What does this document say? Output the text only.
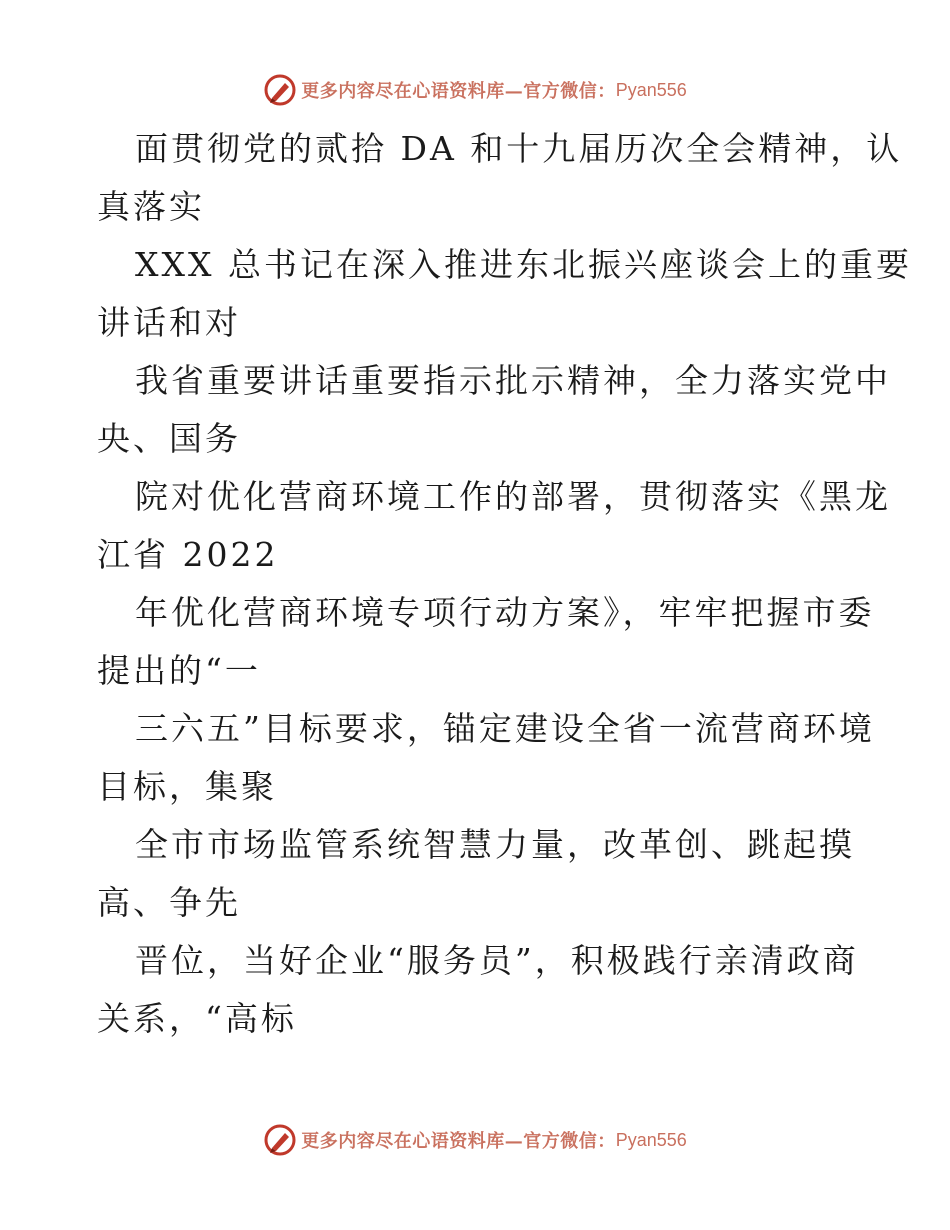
更多内容尽在心语资料库—官方微信： Pyan556

面贯彻党的贰拾 DA 和十九届历次全会精神，认
真落实

XXX 总书记在深入推进东北振兴座谈会上的重要
讲话和对

我省重要讲话重要指示批示精神，全力落实党中
央、国务

院对优化营商环境工作的部署，贯彻落实《黑龙
江省 2022

年优化营商环境专项行动方案》，牢牢把握市委
提出的“一

三六五”目标要求，锚定建设全省一流营商环境
目标，集聚

全市市场监管系统智慧力量，改革创、跳起摸
高、争先

晋位，当好企业“服务员”，积极践行亲清政商
关系，“高标

更多内容尽在心语资料库—官方微信： Pyan556
